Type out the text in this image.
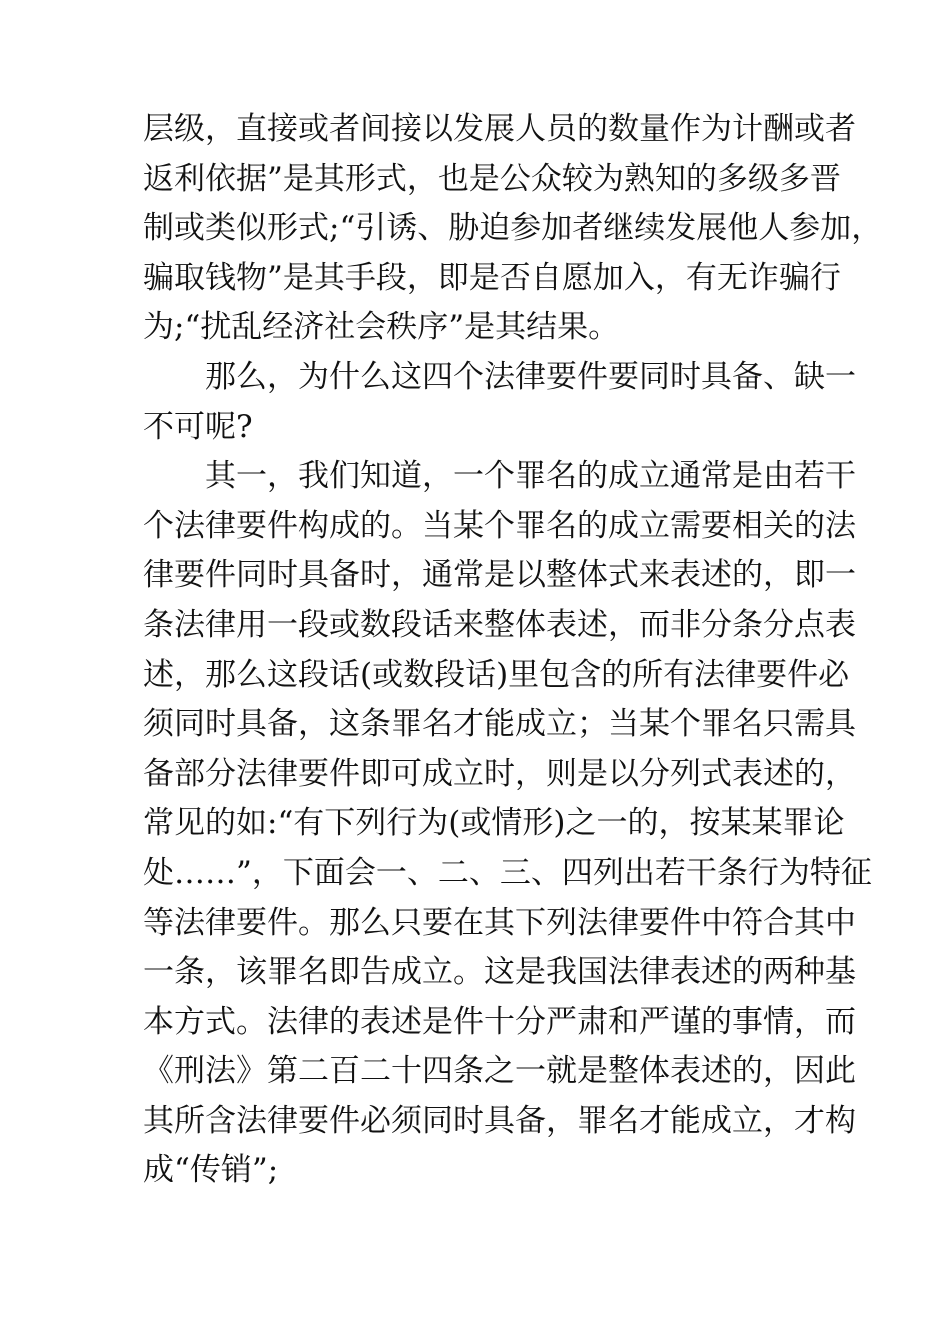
层级，直接或者间接以发展人员的数量作为计酬或者
返利依据”是其形式，也是公众较为熟知的多级多晋
制或类似形式;“引诱、胁迫参加者继续发展他人参加，
骗取钱物”是其手段，即是否自愿加入，有无诈骗行
为;“扰乱经济社会秩序”是其结果。
那么，为什么这四个法律要件要同时具备、缺一
不可呢?
其一，我们知道，一个罪名的成立通常是由若干
个法律要件构成的。当某个罪名的成立需要相关的法
律要件同时具备时，通常是以整体式来表述的，即一
条法律用一段或数段话来整体表述，而非分条分点表
述，那么这段话(或数段话)里包含的所有法律要件必
须同时具备，这条罪名才能成立；当某个罪名只需具
备部分法律要件即可成立时，则是以分列式表述的，
常见的如:“有下列行为(或情形)之一的，按某某罪论
处……”，下面会一、二、三、四列出若干条行为特征
等法律要件。那么只要在其下列法律要件中符合其中
一条，该罪名即告成立。这是我国法律表述的两种基
本方式。法律的表述是件十分严肃和严谨的事情，而
《刑法》第二百二十四条之一就是整体表述的，因此
其所含法律要件必须同时具备，罪名才能成立，才构
成“传销”;
